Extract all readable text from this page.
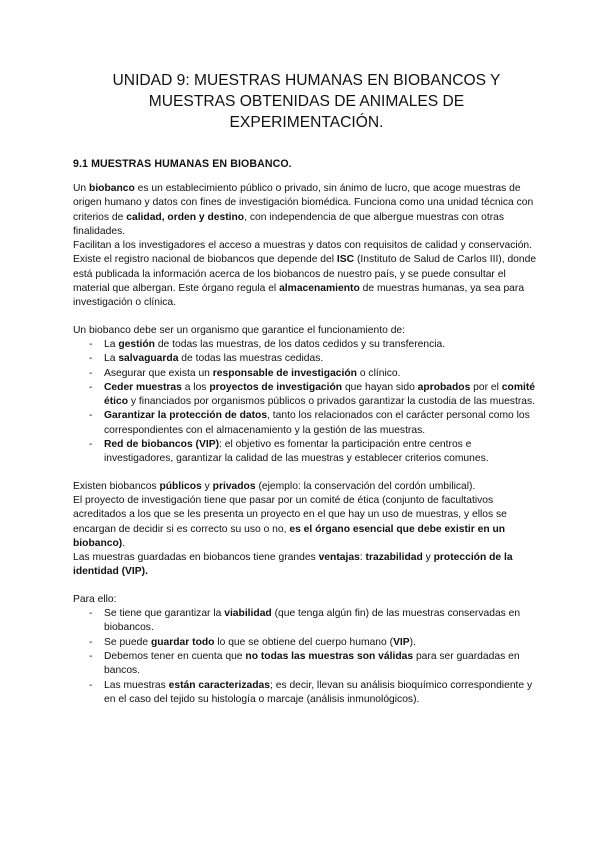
UNIDAD 9: MUESTRAS HUMANAS EN BIOBANCOS Y MUESTRAS OBTENIDAS DE ANIMALES DE EXPERIMENTACIÓN.
9.1 MUESTRAS HUMANAS EN BIOBANCO.

Un biobanco es un establecimiento público o privado, sin ánimo de lucro, que acoge muestras de origen humano y datos con fines de investigación biomédica. Funciona como una unidad técnica con criterios de calidad, orden y destino, con independencia de que albergue muestras con otras finalidades.

Facilitan a los investigadores el acceso a muestras y datos con requisitos de calidad y conservación.

Existe el registro nacional de biobancos que depende del ISC (Instituto de Salud de Carlos III), donde está publicada la información acerca de los biobancos de nuestro país, y se puede consultar el material que albergan. Este órgano regula el almacenamiento de muestras humanas, ya sea para investigación o clínica.

Un biobanco debe ser un organismo que garantice el funcionamiento de:

- La gestión de todas las muestras, de los datos cedidos y su transferencia.
- La salvaguarda de todas las muestras cedidas.
- Asegurar que exista un responsable de investigación o clínico.
- Ceder muestras a los proyectos de investigación que hayan sido aprobados por el comité ético y financiados por organismos públicos o privados garantizar la custodia de las muestras.
- Garantizar la protección de datos, tanto los relacionados con el carácter personal como los correspondientes con el almacenamiento y la gestión de las muestras.
- Red de biobancos (VIP): el objetivo es fomentar la participación entre centros e investigadores, garantizar la calidad de las muestras y establecer criterios comunes.

Existen biobancos públicos y privados (ejemplo: la conservación del cordón umbilical).

El proyecto de investigación tiene que pasar por un comité de ética (conjunto de facultativos acreditados a los que se les presenta un proyecto en el que hay un uso de muestras, y ellos se encargan de decidir si es correcto su uso o no, es el órgano esencial que debe existir en un biobanco).

Las muestras guardadas en biobancos tiene grandes ventajas: trazabilidad y protección de la identidad (VIP).

Para ello:

- Se tiene que garantizar la viabilidad (que tenga algún fin) de las muestras conservadas en biobancos.
- Se puede guardar todo lo que se obtiene del cuerpo humano (VIP).
- Debemos tener en cuenta que no todas las muestras son válidas para ser guardadas en bancos.
- Las muestras están caracterizadas; es decir, llevan su análisis bioquímico correspondiente y en el caso del tejido su histología o marcaje (análisis inmunológicos).
